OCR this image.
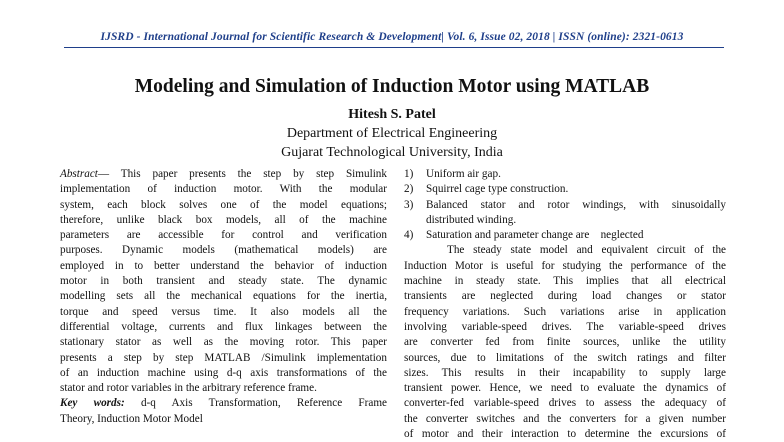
IJSRD - International Journal for Scientific Research & Development| Vol. 6, Issue 02, 2018 | ISSN (online): 2321-0613
Modeling and Simulation of Induction Motor using MATLAB
Hitesh S. Patel
Department of Electrical Engineering
Gujarat Technological University, India
Abstract— This paper presents the step by step Simulink
implementation of induction motor. With the modular
system, each block solves one of the model equations;
therefore, unlike black box models, all of the machine
parameters are accessible for control and verification
purposes. Dynamic models (mathematical models) are
employed in to better understand the behavior of induction
motor in both transient and steady state. The dynamic
modelling sets all the mechanical equations for the inertia,
torque and speed versus time. It also models all the
differential voltage, currents and flux linkages between the
stationary stator as well as the moving rotor. This paper
presents a step by step MATLAB /Simulink implementation
of an induction machine using d-q axis transformations of the
stator and rotor variables in the arbitrary reference frame.
Key words: d-q Axis Transformation, Reference Frame
Theory, Induction Motor Model
1)	Uniform air gap.
2)	Squirrel cage type construction.
3)	Balanced stator and rotor windings, with sinusoidally
distributed winding.
4)	Saturation and parameter change are    neglected
The steady state model and equivalent circuit of the
Induction Motor is useful for studying the performance of the
machine in steady state. This implies that all electrical
transients are neglected during load changes or stator
frequency variations. Such variations arise in application
involving variable-speed drives. The variable-speed drives
are converter fed from finite sources, unlike the utility
sources, due to limitations of the switch ratings and filter
sizes. This results in their incapability to supply large
transient power. Hence, we need to evaluate the dynamics of
converter-fed variable-speed drives to assess the adequacy of
the converter switches and the converters for a given number
of motor and their interaction to determine the excursions of
